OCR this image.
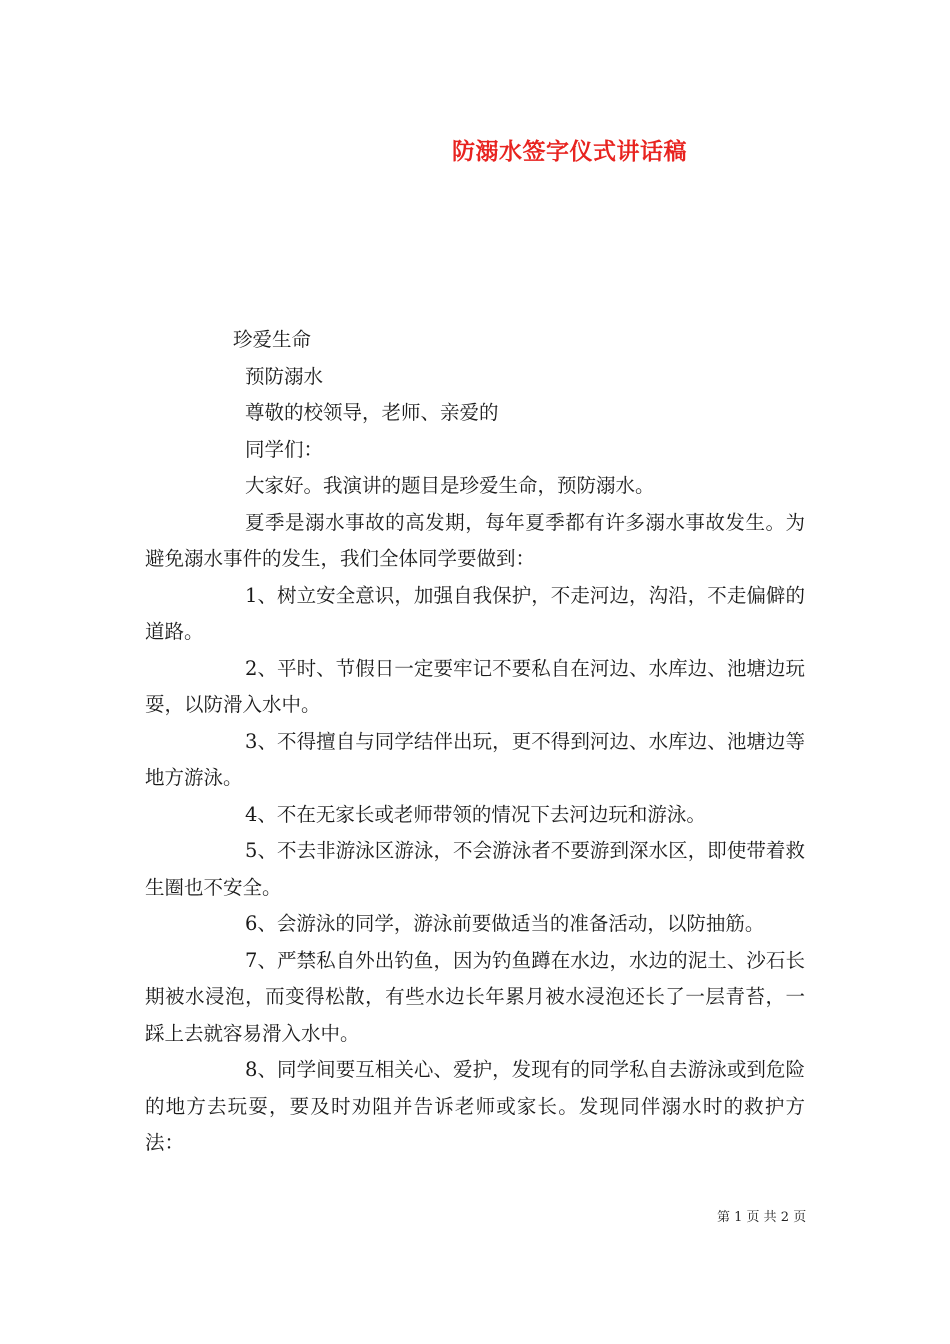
防溺水签字仪式讲话稿
珍爱生命
预防溺水
尊敬的校领导，老师、亲爱的
同学们：
大家好。我演讲的题目是珍爱生命，预防溺水。

夏季是溺水事故的高发期，每年夏季都有许多溺水事故发生。为避免溺水事件的发生，我们全体同学要做到：

1、树立安全意识，加强自我保护，不走河边，沟沿，不走偏僻的道路。

2、平时、节假日一定要牢记不要私自在河边、水库边、池塘边玩耍，以防滑入水中。

3、不得擅自与同学结伴出玩，更不得到河边、水库边、池塘边等地方游泳。

4、不在无家长或老师带领的情况下去河边玩和游泳。

5、不去非游泳区游泳，不会游泳者不要游到深水区，即使带着救生圈也不安全。

6、会游泳的同学，游泳前要做适当的准备活动，以防抽筋。

7、严禁私自外出钓鱼，因为钓鱼蹲在水边，水边的泥土、沙石长期被水浸泡，而变得松散，有些水边长年累月被水浸泡还长了一层青苔，一踩上去就容易滑入水中。

8、同学间要互相关心、爱护，发现有的同学私自去游泳或到危险的地方去玩耍，要及时劝阻并告诉老师或家长。发现同伴溺水时的救护方法：

第 1 页 共 2 页
